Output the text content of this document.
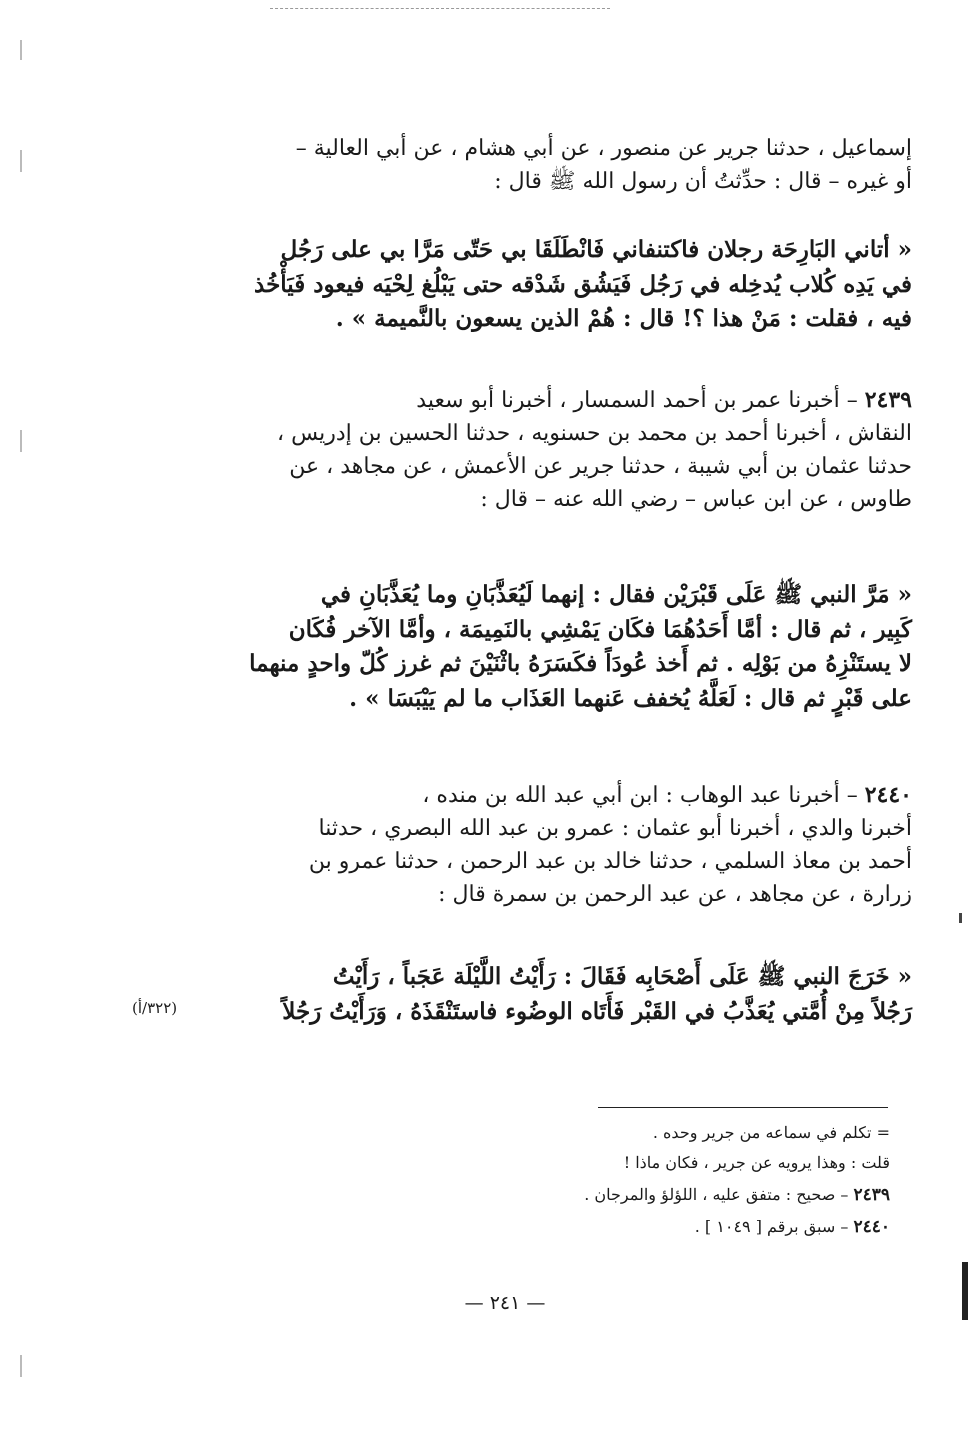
إسماعيل ، حدثنا جرير عن منصور ، عن أبي هشام ، عن أبي العالية –

أو غيره – قال : حدِّثتُ أن رسول الله ﷺ قال :

« أتاني البَارِحَة رجلان فاكتنفاني فَانْطَلَقَا بي حَتّى مَرَّا بي على رَجُل

في يَدِه كُلاب يُدخِله في رَجُل فَيَشُق شَدْقه حتى يَبْلُغ لِحْيَه فيعود فَيَأْخُذ

فيه ، فقلت : مَنْ هذا ؟! قال : هُمْ الذين يسعون بالنَّميمة » .

٢٤٣٩ – أخبرنا عمر بن أحمد السمسار ، أخبرنا أبو سعيد

النقاش ، أخبرنا أحمد بن محمد بن حسنويه ، حدثنا الحسين بن إدريس ،

حدثنا عثمان بن أبي شيبة ، حدثنا جرير عن الأعمش ، عن مجاهد ، عن

طاوس ، عن ابن عباس – رضي الله عنه – قال :

« مَرَّ النبي ﷺ عَلَى قَبْرَيْن فقال : إنهما لَيُعَذَّبَانِ وما يُعَذَّبَانِ في

كَبِير ، ثم قال : أمَّا أَحَدُهُمَا فكَان يَمْشِي بالنَمِيمَة ، وأمَّا الآخر فُكَان

لا يستَنْزِهُ من بَوْلِه . ثم أَخذ عُودَاً فكَسَرَهُ باثْنَيْنَ ثم غرز كُلّ واحدٍ منهما

على قَبْرٍ ثم قال : لَعَلَّهُ يُخفف عَنهما العَذَاب ما لم يَيْبَسَا » .

٢٤٤٠ – أخبرنا عبد الوهاب : ابن أبي عبد الله بن منده ،

أخبرنا والدي ، أخبرنا أبو عثمان : عمرو بن عبد الله البصري ، حدثنا

أحمد بن معاذ السلمي ، حدثنا خالد بن عبد الرحمن ، حدثنا عمرو بن

زرارة ، عن مجاهد ، عن عبد الرحمن بن سمرة قال :

« خَرَجَ النبي ﷺ عَلَى أَصْحَابِه فَقَالَ : رَأَيْتُ اللَّيْلَة عَجَباً ، رَأَيْتُ

رَجُلاً مِنْ أُمَّتي يُعَذَّبُ في القَبْر فَأَتَاه الوضُوء فاستَنْقَذَهُ ، وَرَأَيْتُ رَجُلاً

(٣٢٢/أ)

= تكلم في سماعه من جرير وحده .

قلت : وهذا يرويه عن جرير ، فكان ماذا !

٢٤٣٩ – صحيح : متفق عليه ، اللؤلؤ والمرجان .

٢٤٤٠ – سبق برقم [ ١٠٤٩ ] .

— ٢٤١ —
